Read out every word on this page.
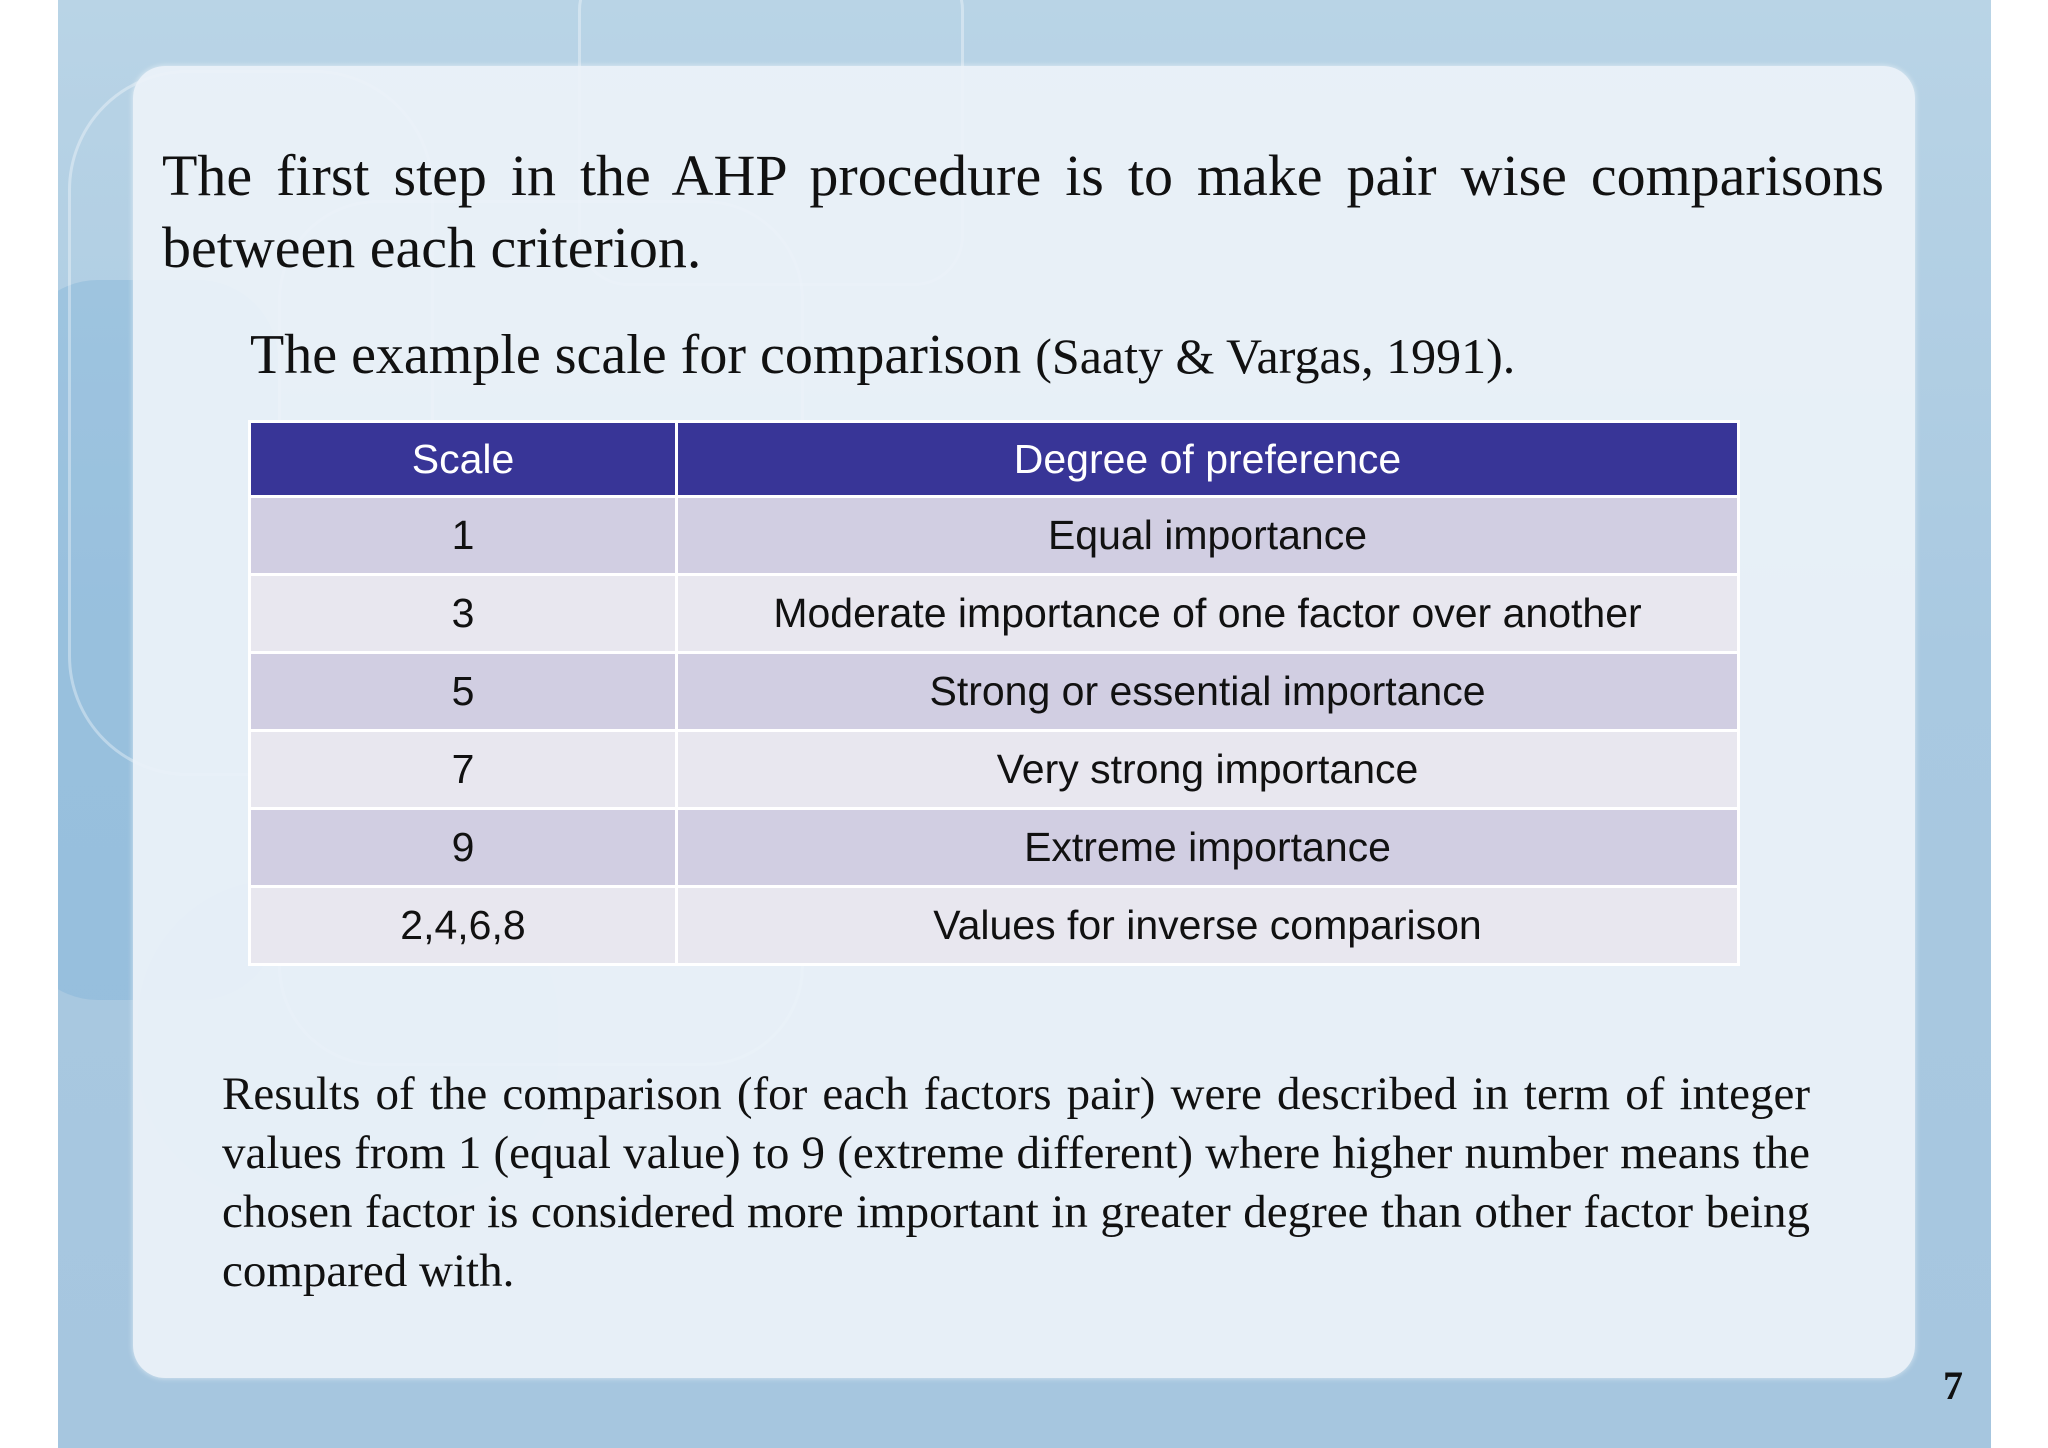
The first step in the AHP procedure is to make pair wise comparisons between each criterion.

The example scale for comparison (Saaty & Vargas, 1991).

Scale	Degree of preference
1	Equal importance
3	Moderate importance of one factor over another
5	Strong or essential importance
7	Very strong importance
9	Extreme importance
2,4,6,8	Values for inverse comparison

Results of the comparison (for each factors pair) were described in term of integer values from 1 (equal value) to 9 (extreme different) where higher number means the chosen factor is considered more important in greater degree than other factor being compared with.

7
